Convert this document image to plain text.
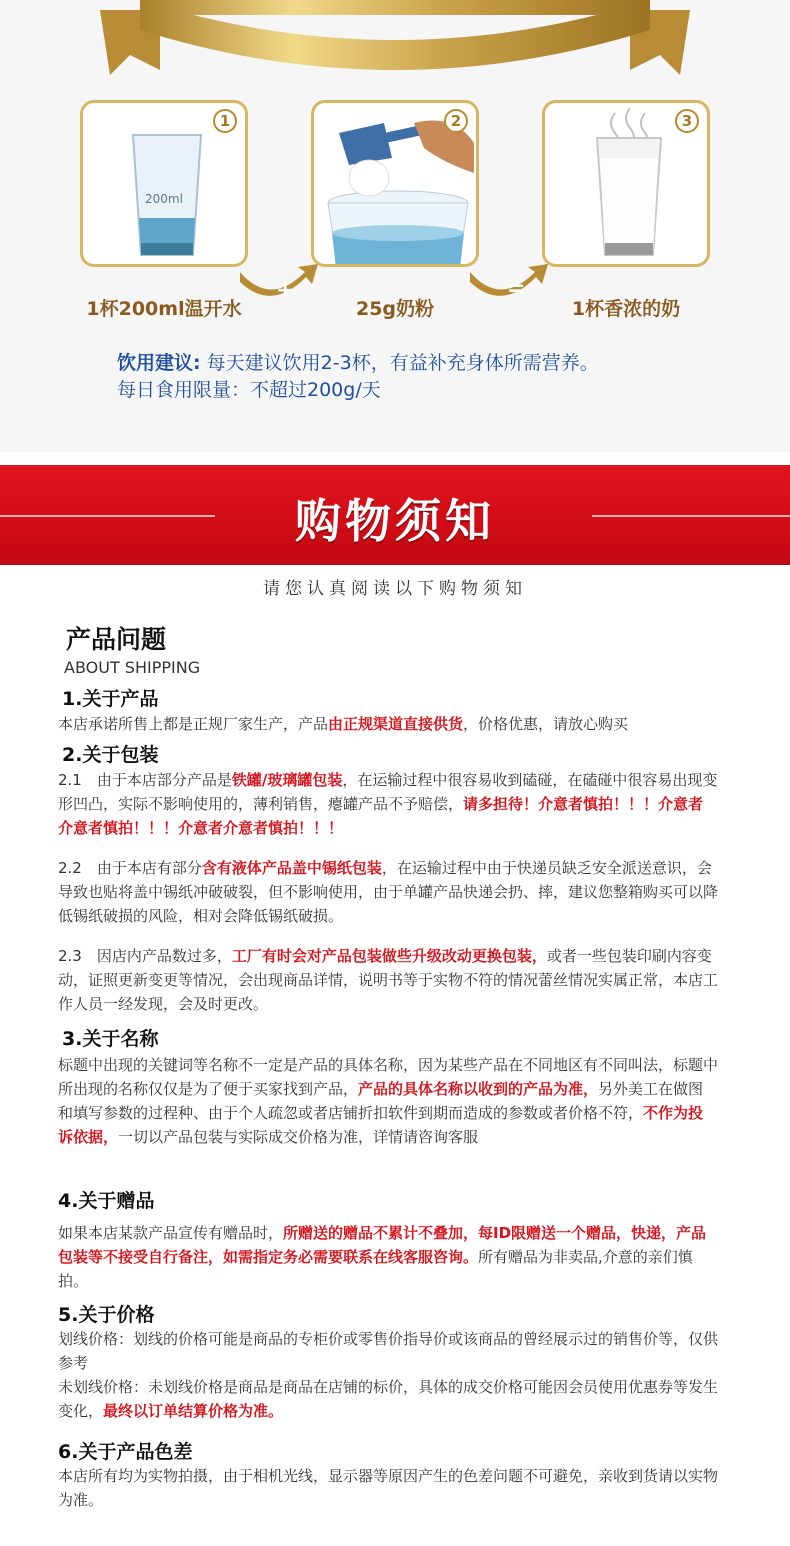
200ml
1	2	3
+	=
1杯200ml温开水	25g奶粉	1杯香浓的奶
饮用建议: 每天建议饮用2-3杯，有益补充身体所需营养。
每日食用限量：不超过200g/天
购物须知
请您认真阅读以下购物须知
产品问题
ABOUT SHIPPING
1.关于产品
本店承诺所售上都是正规厂家生产，产品由正规渠道直接供货，价格优惠，请放心购买
2.关于包装
2.1　由于本店部分产品是铁罐/玻璃罐包装，在运输过程中很容易收到磕碰，在磕碰中很容易出现变形凹凸，实际不影响使用的，薄利销售，瘪罐产品不予赔偿，请多担待！介意者慎拍！！！介意者介意者慎拍！！！介意者介意者慎拍！！！
2.2　由于本店有部分含有液体产品盖中锡纸包装，在运输过程中由于快递员缺乏安全派送意识，会导致也贴将盖中锡纸冲破破裂，但不影响使用，由于单罐产品快递会扔、摔，建议您整箱购买可以降低锡纸破损的风险，相对会降低锡纸破损。
2.3　因店内产品数过多，工厂有时会对产品包装做些升级改动更换包装，或者一些包装印刷内容变动，证照更新变更等情况，会出现商品详情，说明书等于实物不符的情况蕾丝情况实属正常，本店工作人员一经发现，会及时更改。
3.关于名称
标题中出现的关键词等名称不一定是产品的具体名称，因为某些产品在不同地区有不同叫法，标题中所出现的名称仅仅是为了便于买家找到产品，产品的具体名称以收到的产品为准，另外美工在做图和填写参数的过程种、由于个人疏忽或者店铺折扣软件到期而造成的参数或者价格不符，不作为投诉依据，一切以产品包装与实际成交价格为准，详情请咨询客服
4.关于赠品
如果本店某款产品宣传有赠品时，所赠送的赠品不累计不叠加，每ID限赠送一个赠品，快递，产品包装等不接受自行备注，如需指定务必需要联系在线客服咨询。所有赠品为非卖品,介意的亲们慎拍。
5.关于价格
划线价格：划线的价格可能是商品的专柜价或零售价指导价或该商品的曾经展示过的销售价等，仅供参考
未划线价格：未划线价格是商品是商品在店铺的标价，具体的成交价格可能因会员使用优惠券等发生变化，最终以订单结算价格为准。
6.关于产品色差
本店所有均为实物拍摄，由于相机光线，显示器等原因产生的色差问题不可避免，亲收到货请以实物为准。
